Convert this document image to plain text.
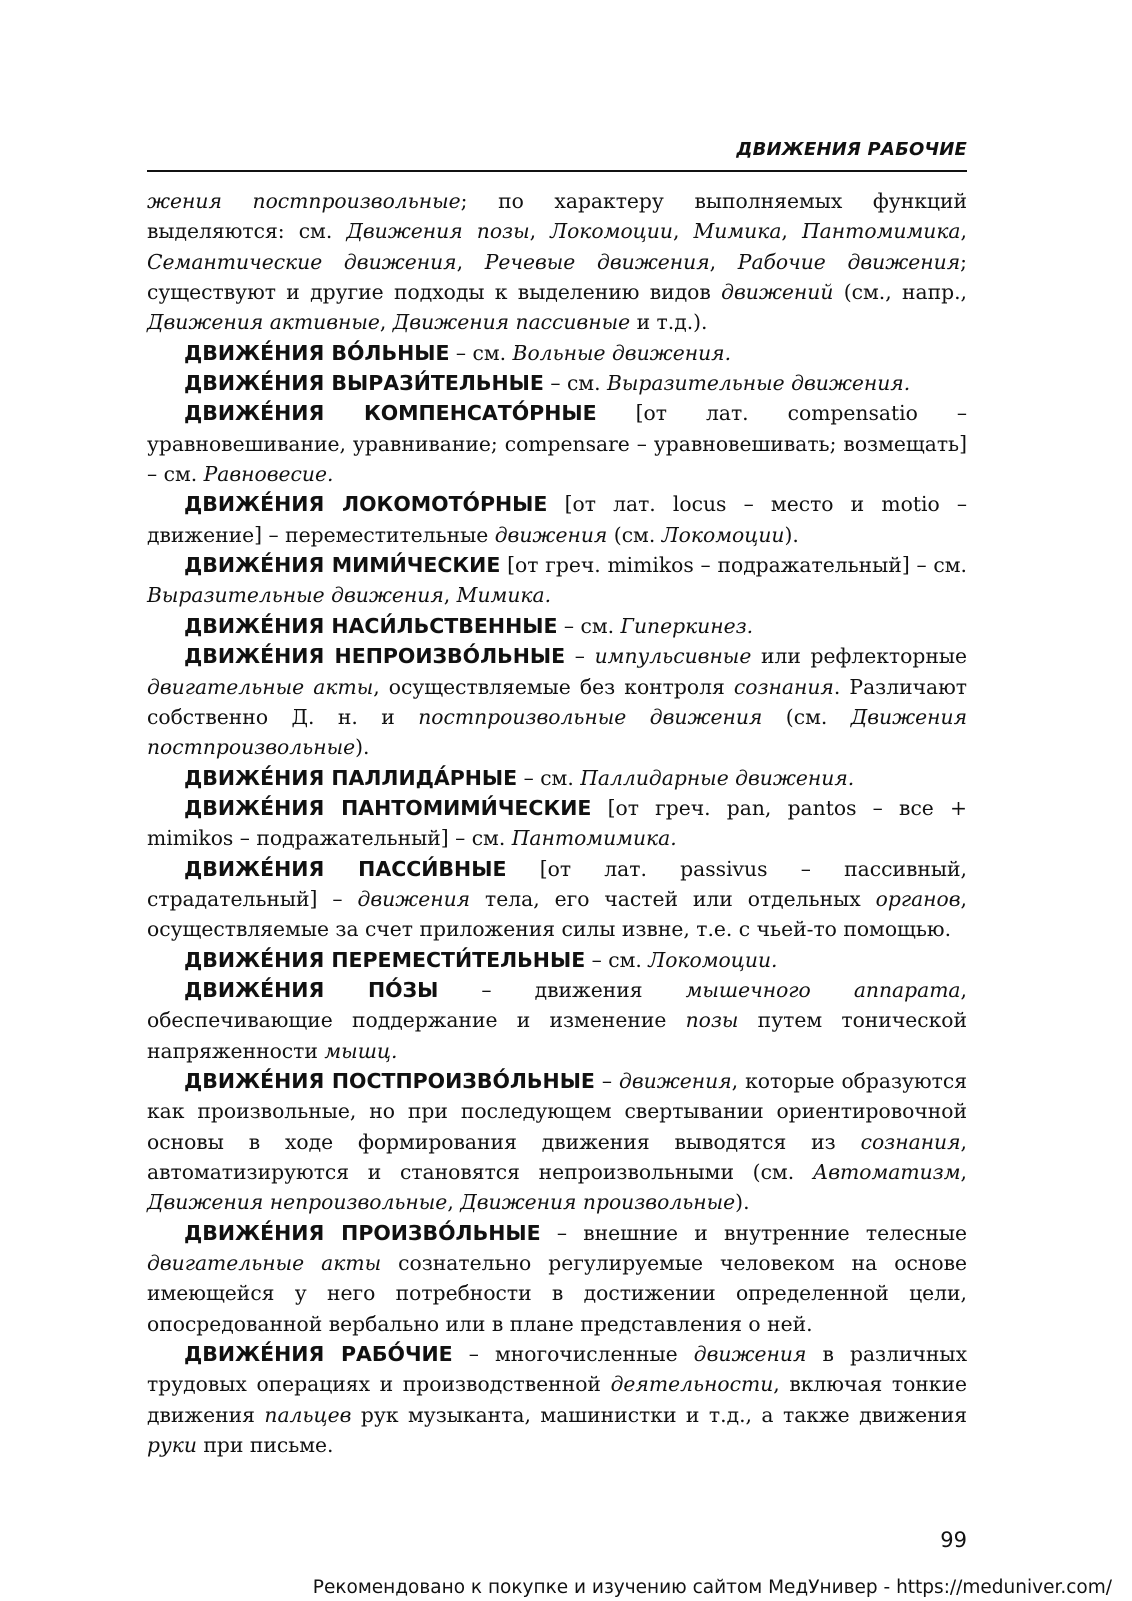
ДВИЖЕНИЯ РАБОЧИЕ

жения постпроизвольные; по характеру выполняемых функций выделяются: см. Движения позы, Локомоции, Мимика, Пантомимика, Семантические движения, Речевые движения, Рабочие движения; существуют и другие подходы к выделению видов движений (см., напр., Движения активные, Движения пассивные и т.д.).

ДВИЖЕ́НИЯ ВО́ЛЬНЫЕ – см. Вольные движения.

ДВИЖЕ́НИЯ ВЫРАЗИ́ТЕЛЬНЫЕ – см. Выразительные движения.

ДВИЖЕ́НИЯ КОМПЕНСАТО́РНЫЕ [от лат. compensatio – уравновешивание, уравнивание; compensare – уравновешивать; возмещать] – см. Равновесие.

ДВИЖЕ́НИЯ ЛОКОМОТО́РНЫЕ [от лат. locus – место и motio – движение] – переместительные движения (см. Локомоции).

ДВИЖЕ́НИЯ МИМИ́ЧЕСКИЕ [от греч. mimikos – подражательный] – см. Выразительные движения, Мимика.

ДВИЖЕ́НИЯ НАСИ́ЛЬСТВЕННЫЕ – см. Гиперкинез.

ДВИЖЕ́НИЯ НЕПРОИЗВО́ЛЬНЫЕ – импульсивные или рефлекторные двигательные акты, осуществляемые без контроля сознания. Различают собственно Д. н. и постпроизвольные движения (см. Движения постпроизвольные).

ДВИЖЕ́НИЯ ПАЛЛИДА́РНЫЕ – см. Паллидарные движения.

ДВИЖЕ́НИЯ ПАНТОМИМИ́ЧЕСКИЕ [от греч. pan, pantos – все + mimikos – подражательный] – см. Пантомимика.

ДВИЖЕ́НИЯ ПАССИ́ВНЫЕ [от лат. passivus – пассивный, страдательный] – движения тела, его частей или отдельных органов, осуществляемые за счет приложения силы извне, т.е. с чьей-то помощью.

ДВИЖЕ́НИЯ ПЕРЕМЕСТИ́ТЕЛЬНЫЕ – см. Локомоции.

ДВИЖЕ́НИЯ ПО́ЗЫ – движения мышечного аппарата, обеспечивающие поддержание и изменение позы путем тонической напряженности мышц.

ДВИЖЕ́НИЯ ПОСТПРОИЗВО́ЛЬНЫЕ – движения, которые образуются как произвольные, но при последующем свертывании ориентировочной основы в ходе формирования движения выводятся из сознания, автоматизируются и становятся непроизвольными (см. Автоматизм, Движения непроизвольные, Движения произвольные).

ДВИЖЕ́НИЯ ПРОИЗВО́ЛЬНЫЕ – внешние и внутренние телесные двигательные акты сознательно регулируемые человеком на основе имеющейся у него потребности в достижении определенной цели, опосредованной вербально или в плане представления о ней.

ДВИЖЕ́НИЯ РАБО́ЧИЕ – многочисленные движения в различных трудовых операциях и производственной деятельности, включая тонкие движения пальцев рук музыканта, машинистки и т.д., а также движения руки при письме.

99
Рекомендовано к покупке и изучению сайтом МедУнивер - https://meduniver.com/
